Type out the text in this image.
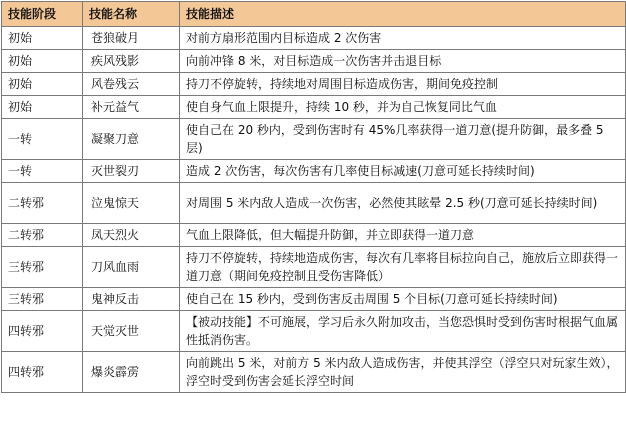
技能阶段	技能名称	技能描述
初始	苍狼破月	对前方扇形范围内目标造成 2 次伤害
初始	疾风残影	向前冲锋 8 米，对目标造成一次伤害并击退目标
初始	风卷残云	持刀不停旋转，持续地对周围目标造成伤害，期间免疫控制
初始	补元益气	使自身气血上限提升，持续 10 秒，并为自己恢复同比气血
一转	凝聚刀意	使自己在 20 秒内，受到伤害时有 45%几率获得一道刀意(提升防御，最多叠 5 层)
一转	灭世裂刃	造成 2 次伤害，每次伤害有几率使目标减速(刀意可延长持续时间)
二转邪	泣鬼惊天	对周围 5 米内敌人造成一次伤害，必然使其眩晕 2.5 秒(刀意可延长持续时间)
二转邪	凤天烈火	气血上限降低，但大幅提升防御，并立即获得一道刀意
三转邪	刀风血雨	持刀不停旋转，持续地造成伤害，每次有几率将目标拉向自己，施放后立即获得一道刀意（期间免疫控制且受伤害降低）
三转邪	鬼神反击	使自己在 15 秒内，受到伤害反击周围 5 个目标(刀意可延长持续时间)
四转邪	天觉灭世	【被动技能】不可施展，学习后永久附加攻击，当您恐惧时受到伤害时根据气血属性抵消伤害。
四转邪	爆炎霹雳	向前跳出 5 米，对前方 5 米内敌人造成伤害，并使其浮空（浮空只对玩家生效），浮空时受到伤害会延长浮空时间
